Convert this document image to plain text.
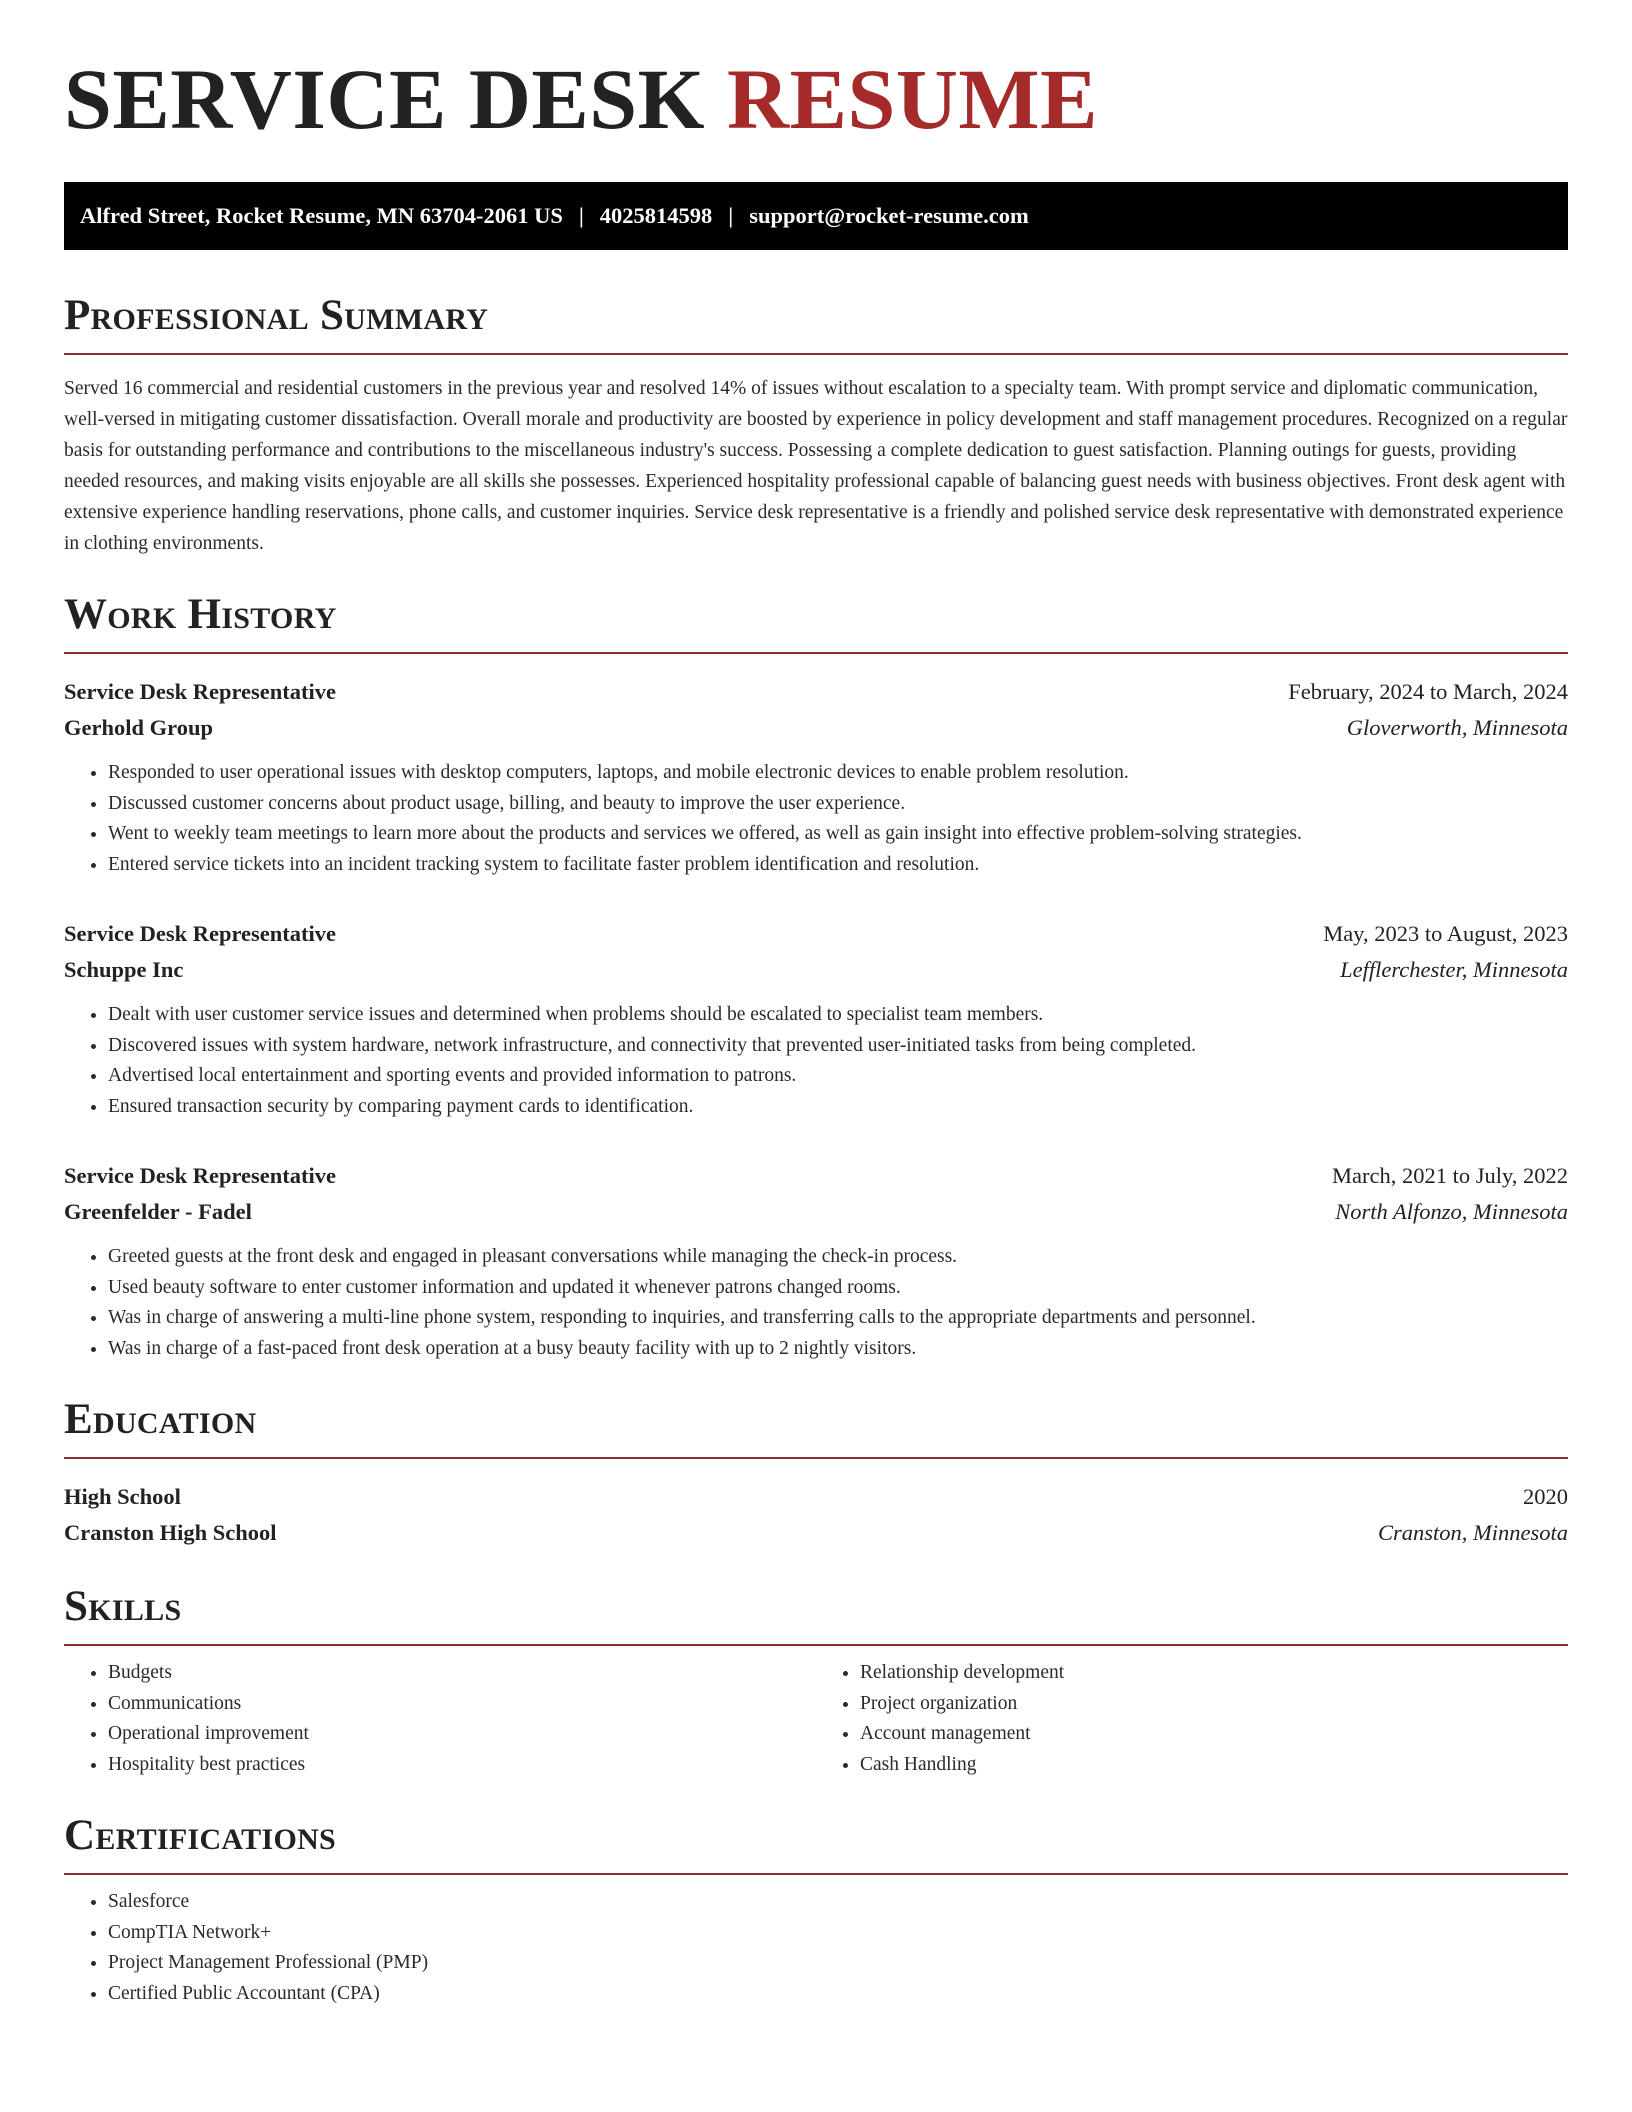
SERVICE DESK RESUME
Alfred Street, Rocket Resume, MN 63704-2061 US | 4025814598 | support@rocket-resume.com
Professional Summary

Served 16 commercial and residential customers in the previous year and resolved 14% of issues without escalation to a specialty team. With prompt service and diplomatic communication, well-versed in mitigating customer dissatisfaction. Overall morale and productivity are boosted by experience in policy development and staff management procedures. Recognized on a regular basis for outstanding performance and contributions to the miscellaneous industry's success. Possessing a complete dedication to guest satisfaction. Planning outings for guests, providing needed resources, and making visits enjoyable are all skills she possesses. Experienced hospitality professional capable of balancing guest needs with business objectives. Front desk agent with extensive experience handling reservations, phone calls, and customer inquiries. Service desk representative is a friendly and polished service desk representative with demonstrated experience in clothing environments.

Work History
Service Desk Representative	February, 2024 to March, 2024
Gerhold Group	Gloverworth, Minnesota
• Responded to user operational issues with desktop computers, laptops, and mobile electronic devices to enable problem resolution.
• Discussed customer concerns about product usage, billing, and beauty to improve the user experience.
• Went to weekly team meetings to learn more about the products and services we offered, as well as gain insight into effective problem-solving strategies.
• Entered service tickets into an incident tracking system to facilitate faster problem identification and resolution.
Service Desk Representative	May, 2023 to August, 2023
Schuppe Inc	Lefflerchester, Minnesota
• Dealt with user customer service issues and determined when problems should be escalated to specialist team members.
• Discovered issues with system hardware, network infrastructure, and connectivity that prevented user-initiated tasks from being completed.
• Advertised local entertainment and sporting events and provided information to patrons.
• Ensured transaction security by comparing payment cards to identification.
Service Desk Representative	March, 2021 to July, 2022
Greenfelder - Fadel	North Alfonzo, Minnesota
• Greeted guests at the front desk and engaged in pleasant conversations while managing the check-in process.
• Used beauty software to enter customer information and updated it whenever patrons changed rooms.
• Was in charge of answering a multi-line phone system, responding to inquiries, and transferring calls to the appropriate departments and personnel.
• Was in charge of a fast-paced front desk operation at a busy beauty facility with up to 2 nightly visitors.
Education
High School	2020
Cranston High School	Cranston, Minnesota
Skills
• Budgets
• Communications
• Operational improvement
• Hospitality best practices
• Relationship development
• Project organization
• Account management
• Cash Handling
Certifications
• Salesforce
• CompTIA Network+
• Project Management Professional (PMP)
• Certified Public Accountant (CPA)
